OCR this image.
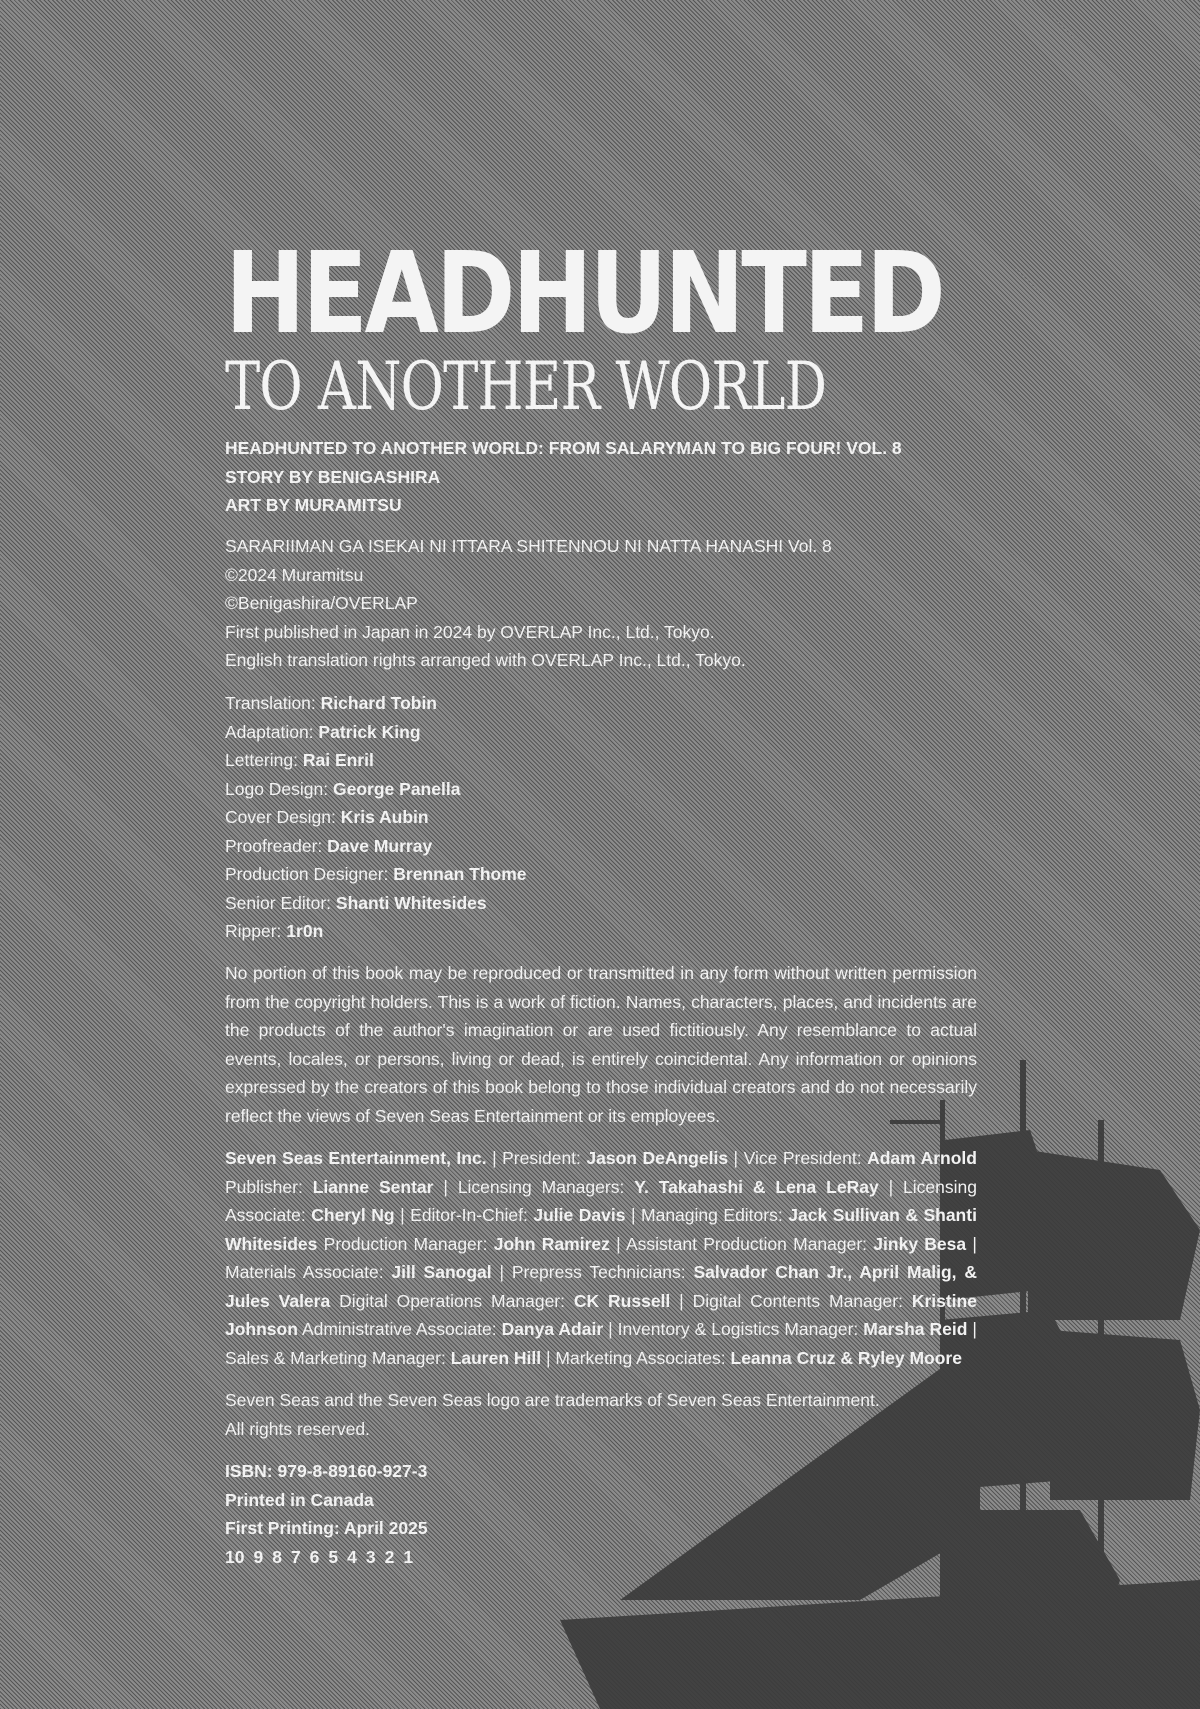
HEADHUNTED
TO ANOTHER WORLD
HEADHUNTED TO ANOTHER WORLD: FROM SALARYMAN TO BIG FOUR! VOL. 8
STORY BY BENIGASHIRA
ART BY MURAMITSU
SARARIIMAN GA ISEKAI NI ITTARA SHITENNOU NI NATTA HANASHI Vol. 8
©2024 Muramitsu
©Benigashira/OVERLAP
First published in Japan in 2024 by OVERLAP Inc., Ltd., Tokyo.
English translation rights arranged with OVERLAP Inc., Ltd., Tokyo.
Translation: Richard Tobin
Adaptation: Patrick King
Lettering: Rai Enril
Logo Design: George Panella
Cover Design: Kris Aubin
Proofreader: Dave Murray
Production Designer: Brennan Thome
Senior Editor: Shanti Whitesides
Ripper: 1r0n
No portion of this book may be reproduced or transmitted in any form without written permission from the copyright holders. This is a work of fiction. Names, characters, places, and incidents are the products of the author's imagination or are used fictitiously. Any resemblance to actual events, locales, or persons, living or dead, is entirely coincidental. Any information or opinions expressed by the creators of this book belong to those individual creators and do not necessarily reflect the views of Seven Seas Entertainment or its employees.
Seven Seas Entertainment, Inc. | President: Jason DeAngelis | Vice President: Adam Arnold Publisher: Lianne Sentar | Licensing Managers: Y. Takahashi & Lena LeRay | Licensing Associate: Cheryl Ng | Editor-In-Chief: Julie Davis | Managing Editors: Jack Sullivan & Shanti Whitesides Production Manager: John Ramirez | Assistant Production Manager: Jinky Besa | Materials Associate: Jill Sanogal | Prepress Technicians: Salvador Chan Jr., April Malig, & Jules Valera Digital Operations Manager: CK Russell | Digital Contents Manager: Kristine Johnson Administrative Associate: Danya Adair | Inventory & Logistics Manager: Marsha Reid | Sales & Marketing Manager: Lauren Hill | Marketing Associates: Leanna Cruz & Ryley Moore
Seven Seas and the Seven Seas logo are trademarks of Seven Seas Entertainment.
All rights reserved.
ISBN: 979-8-89160-927-3
Printed in Canada
First Printing: April 2025
10 9 8 7 6 5 4 3 2 1
